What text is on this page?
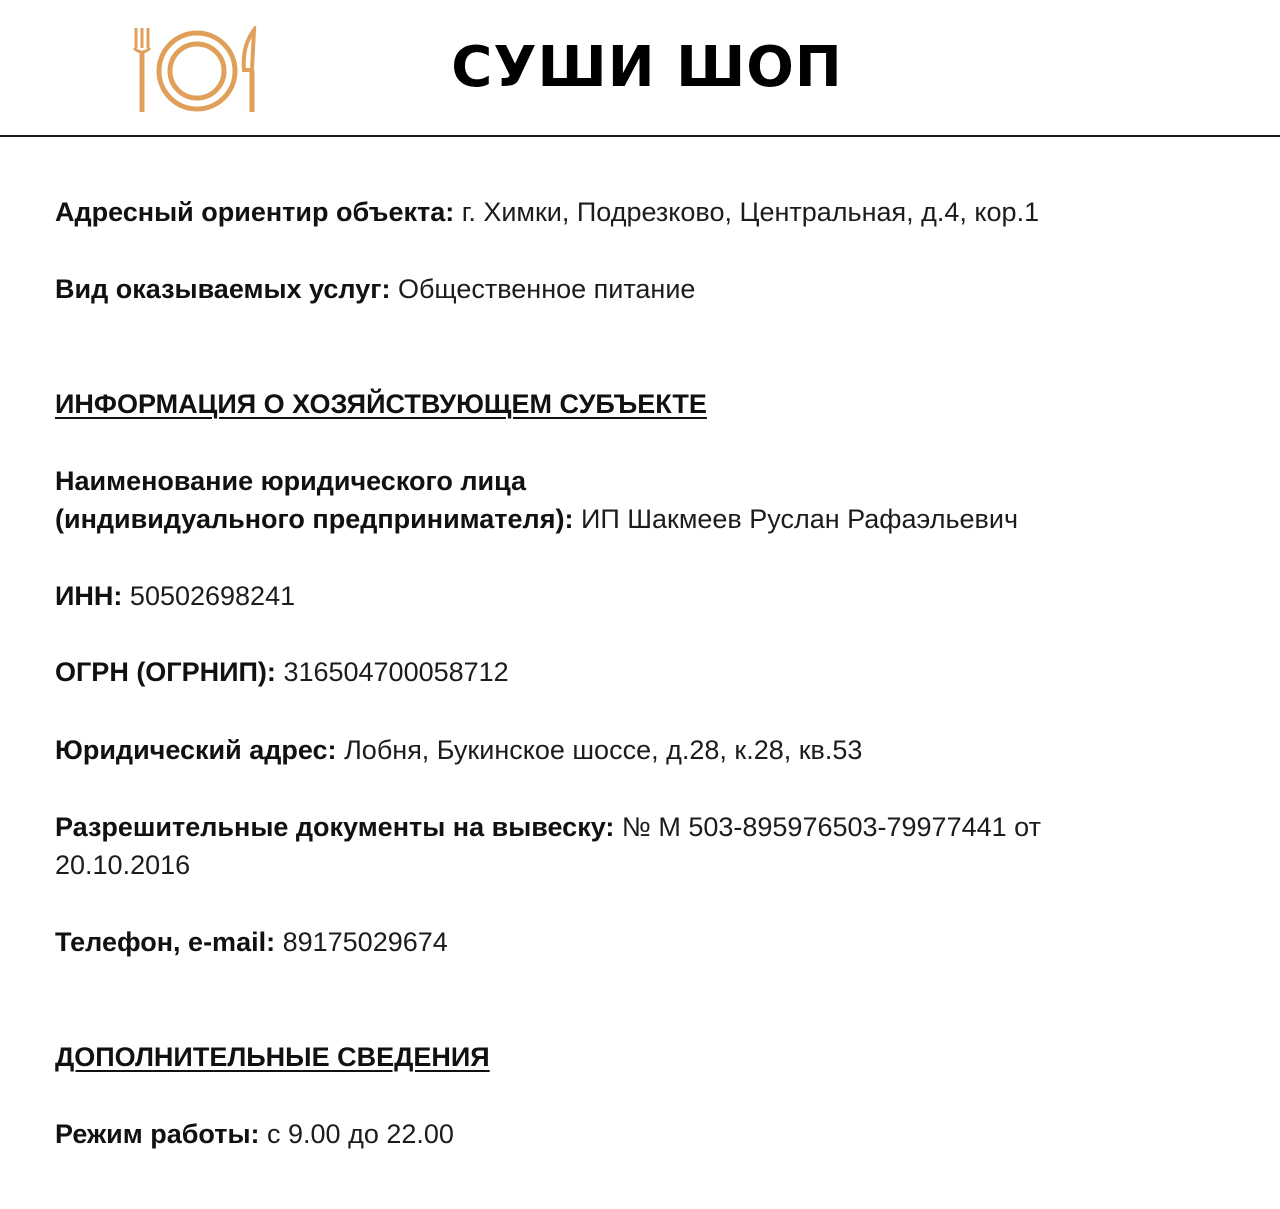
СУШИ ШОП
Адресный ориентир объекта: г. Химки, Подрезково, Центральная, д.4, кор.1
Вид оказываемых услуг: Общественное питание
ИНФОРМАЦИЯ О ХОЗЯЙСТВУЮЩЕМ СУБЪЕКТЕ
Наименование юридического лица
(индивидуального предпринимателя): ИП Шакмеев Руслан Рафаэльевич
ИНН: 50502698241
ОГРН (ОГРНИП): 316504700058712
Юридический адрес: Лобня, Букинское шоссе, д.28, к.28, кв.53
Разрешительные документы на вывеску: № М 503-895976503-79977441 от
20.10.2016
Телефон, e-mail: 89175029674
ДОПОЛНИТЕЛЬНЫЕ СВЕДЕНИЯ
Режим работы: с 9.00 до 22.00
